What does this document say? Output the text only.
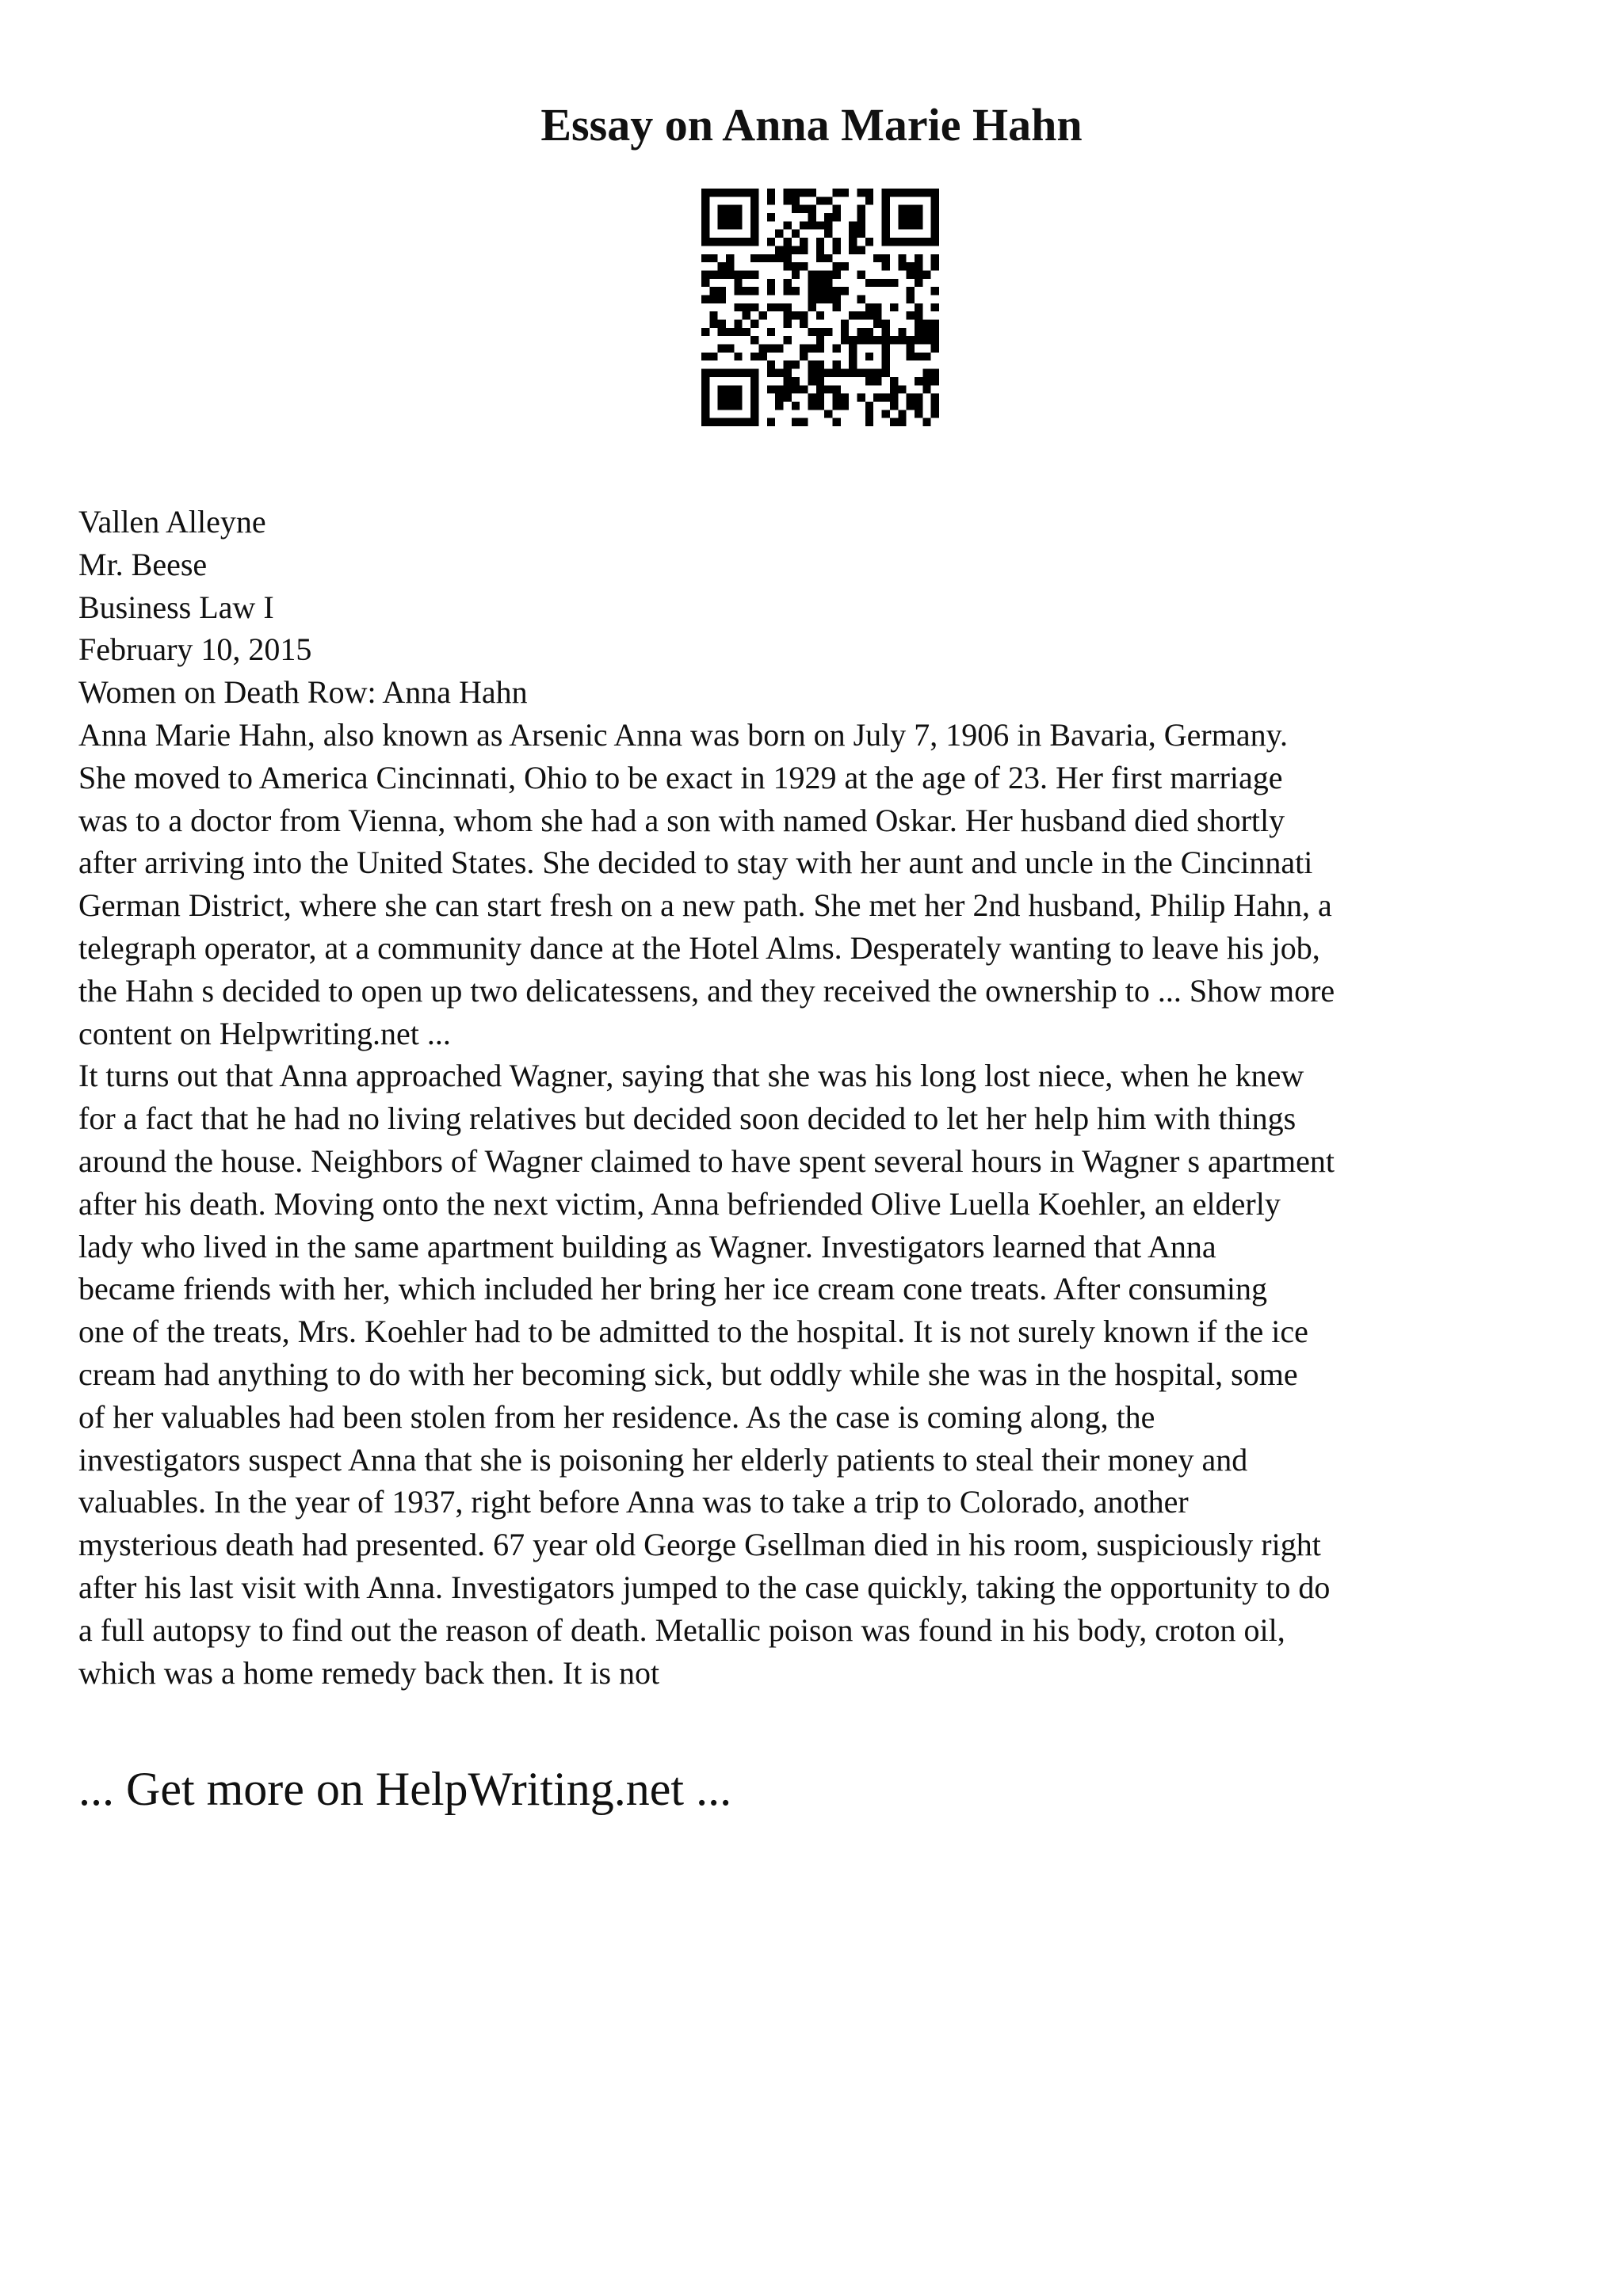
Essay on Anna Marie Hahn
Vallen Alleyne
Mr. Beese
Business Law I
February 10, 2015
Women on Death Row: Anna Hahn

Anna Marie Hahn, also known as Arsenic Anna was born on July 7, 1906 in Bavaria, Germany.
She moved to America Cincinnati, Ohio to be exact in 1929 at the age of 23. Her first marriage
was to a doctor from Vienna, whom she had a son with named Oskar. Her husband died shortly
after arriving into the United States. She decided to stay with her aunt and uncle in the Cincinnati
German District, where she can start fresh on a new path. She met her 2nd husband, Philip Hahn, a
telegraph operator, at a community dance at the Hotel Alms. Desperately wanting to leave his job,
the Hahn s decided to open up two delicatessens, and they received the ownership to ... Show more
content on Helpwriting.net ...

It turns out that Anna approached Wagner, saying that she was his long lost niece, when he knew
for a fact that he had no living relatives but decided soon decided to let her help him with things
around the house. Neighbors of Wagner claimed to have spent several hours in Wagner s apartment
after his death. Moving onto the next victim, Anna befriended Olive Luella Koehler, an elderly
lady who lived in the same apartment building as Wagner. Investigators learned that Anna
became friends with her, which included her bring her ice cream cone treats. After consuming
one of the treats, Mrs. Koehler had to be admitted to the hospital. It is not surely known if the ice
cream had anything to do with her becoming sick, but oddly while she was in the hospital, some
of her valuables had been stolen from her residence. As the case is coming along, the
investigators suspect Anna that she is poisoning her elderly patients to steal their money and
valuables. In the year of 1937, right before Anna was to take a trip to Colorado, another
mysterious death had presented. 67 year old George Gsellman died in his room, suspiciously right
after his last visit with Anna. Investigators jumped to the case quickly, taking the opportunity to do
a full autopsy to find out the reason of death. Metallic poison was found in his body, croton oil,
which was a home remedy back then. It is not

... Get more on HelpWriting.net ...
